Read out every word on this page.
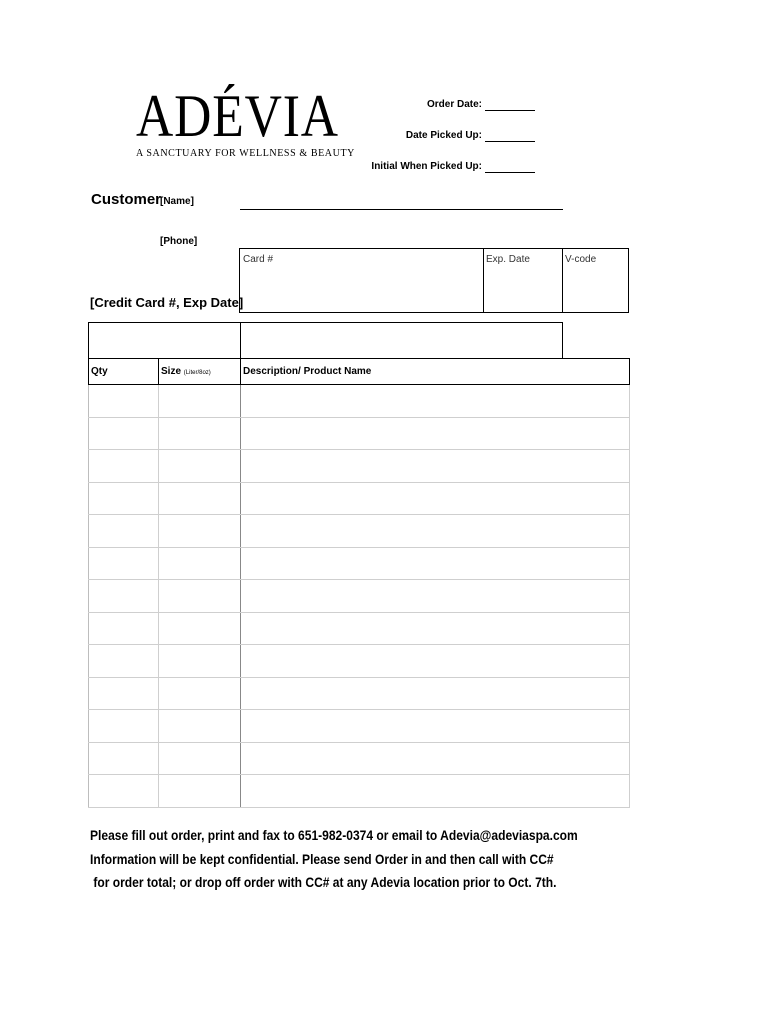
ADÉVIA
A SANCTUARY FOR WELLNESS & BEAUTY
Order Date:
Date Picked Up:
Initial When Picked Up:
Customer
[Name]
[Phone]
[Credit Card #, Exp Date]
Card #	Exp. Date	V-code
Qty	Size (Liter/8oz)	Description/ Product Name

Please fill out order, print and fax to 651-982-0374 or email to Adevia@adeviaspa.com
Information will be kept confidential. Please send Order in and then call with CC#
for order total; or drop off order with CC# at any Adevia location prior to Oct. 7th.
